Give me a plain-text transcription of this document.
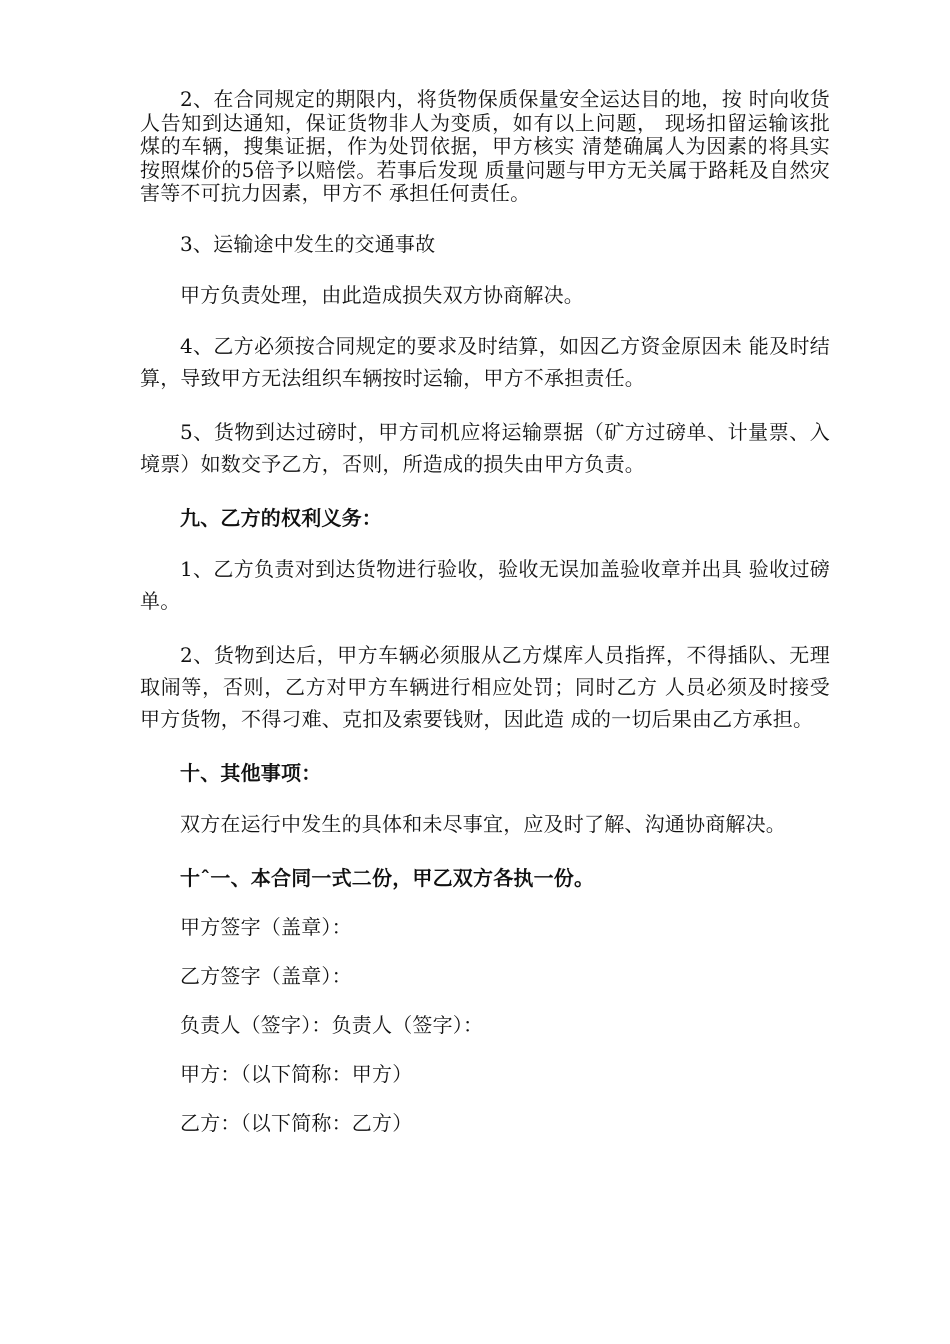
2、在合同规定的期限内，将货物保质保量安全运达目的地，按 时向收货人告知到达通知，保证货物非人为变质，如有以上问题， 现场扣留运输该批煤的车辆，搜集证据，作为处罚依据，甲方核实 清楚确属人为因素的将具实按照煤价的5倍予以赔偿。若事后发现 质量问题与甲方无关属于路耗及自然灾害等不可抗力因素，甲方不 承担任何责任。

3、运输途中发生的交通事故

甲方负责处理，由此造成损失双方协商解决。

4、乙方必须按合同规定的要求及时结算，如因乙方资金原因未 能及时结算，导致甲方无法组织车辆按时运输，甲方不承担责任。

5、货物到达过磅时，甲方司机应将运输票据（矿方过磅单、计量票、入境票）如数交予乙方，否则，所造成的损失由甲方负责。

九、乙方的权利义务：

1、乙方负责对到达货物进行验收，验收无误加盖验收章并出具 验收过磅单。

2、货物到达后，甲方车辆必须服从乙方煤库人员指挥，不得插队、无理取闹等，否则，乙方对甲方车辆进行相应处罚；同时乙方 人员必须及时接受甲方货物，不得刁难、克扣及索要钱财，因此造 成的一切后果由乙方承担。

十、其他事项：

双方在运行中发生的具体和未尽事宜，应及时了解、沟通协商解决。

十ˆ一、本合同一式二份，甲乙双方各执一份。

甲方签字（盖章）：

乙方签字（盖章）：

负责人（签字）：负责人（签字）：

甲方：（以下简称：甲方）

乙方：（以下简称：乙方）
